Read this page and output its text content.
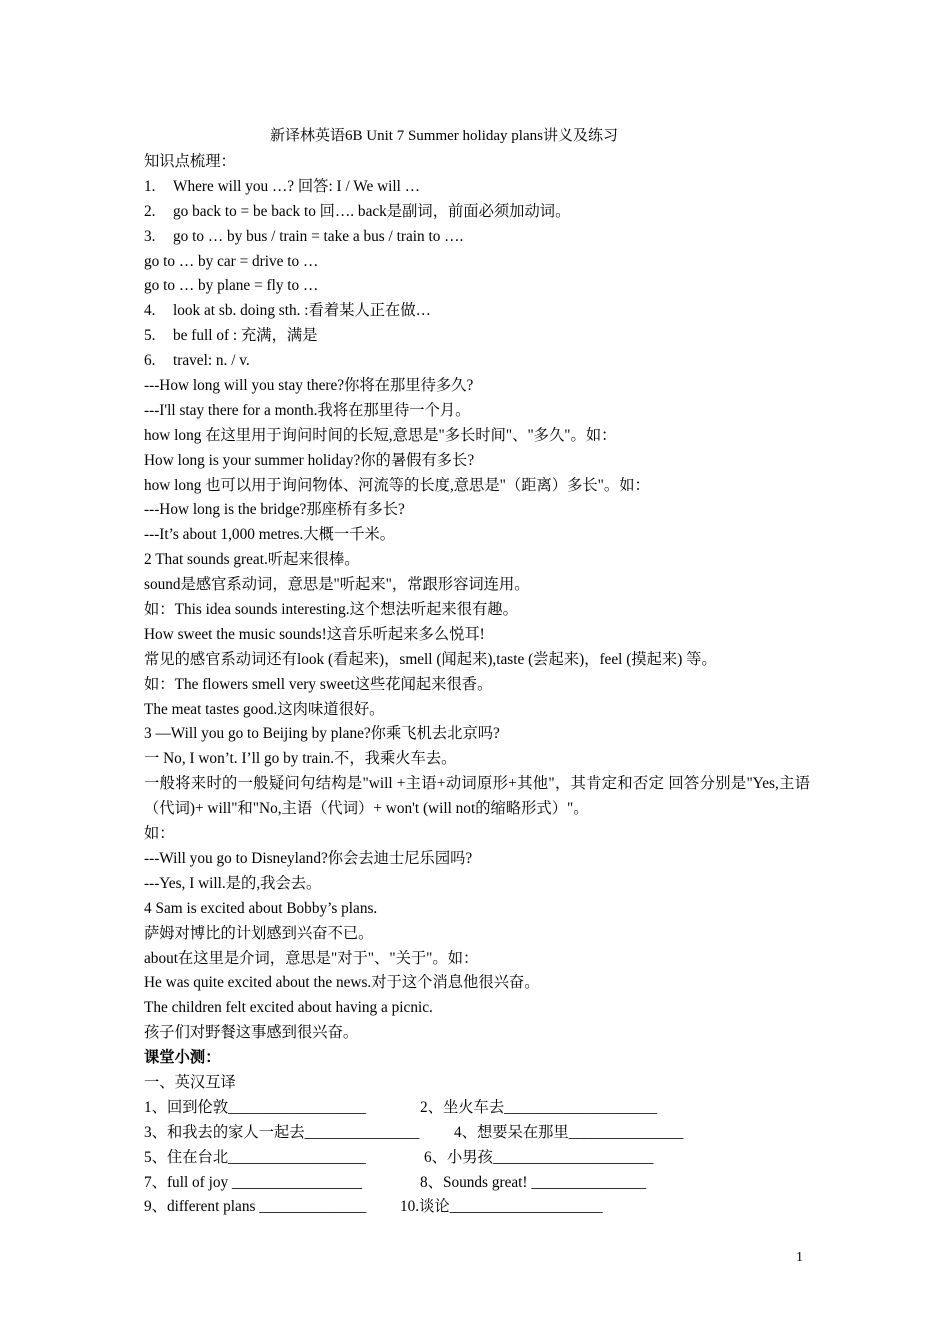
新译林英语6B Unit 7 Summer holiday plans讲义及练习
知识点梳理：
1. Where will you …? 回答: I / We will …
2. go back to = be back to 回…. back是副词，前面必须加动词。
3. go to … by bus / train = take a bus / train to ….
go to … by car = drive to …
go to … by plane = fly to …
4. look at sb. doing sth. :看着某人正在做…
5. be full of : 充满，满是
6. travel: n. / v.
---How long will you stay there?你将在那里待多久?
---I'll stay there for a month.我将在那里待一个月。
how long 在这里用于询问时间的长短,意思是"多长时间"、"多久"。如：
How long is your summer holiday?你的暑假有多长?
how long 也可以用于询问物体、河流等的长度,意思是"（距离）多长"。如：
---How long is the bridge?那座桥有多长?
---It’s about 1,000 metres.大概一千米。
2 That sounds great.听起来很棒。
sound是感官系动词，意思是"听起来"，常跟形容词连用。
如：This idea sounds interesting.这个想法听起来很有趣。
How sweet the music sounds!这音乐听起来多么悦耳!
常见的感官系动词还有look (看起来)，smell (闻起来),taste (尝起来)，feel (摸起来) 等。
如：The flowers smell very sweet这些花闻起来很香。
The meat tastes good.这肉味道很好。
3 —Will you go to Beijing by plane?你乘飞机去北京吗?
一 No, I won’t. I’ll go by train.不，我乘火车去。
一般将来时的一般疑问句结构是"will +主语+动词原形+其他"，其肯定和否定 回答分别是"Yes,主语（代词)+ will"和"No,主语（代词）+ won't (will not的缩略形式）"。
如：
---Will you go to Disneyland?你会去迪士尼乐园吗?
---Yes, I will.是的,我会去。
4 Sam is excited about Bobby’s plans.
萨姆对博比的计划感到兴奋不已。
about在这里是介词，意思是"对于"、"关于"。如：
He was quite excited about the news.对于这个消息他很兴奋。
The children felt excited about having a picnic.
孩子们对野餐这事感到很兴奋。
课堂小测：
一、英汉互译
1、回到伦敦__________________	2、坐火车去____________________
3、和我去的家人一起去_______________ 4、想要呆在那里_______________
5、住在台北__________________	6、小男孩_____________________
7、full of joy _________________	8、Sounds great! _______________
9、different plans ______________ 10.谈论____________________
1
